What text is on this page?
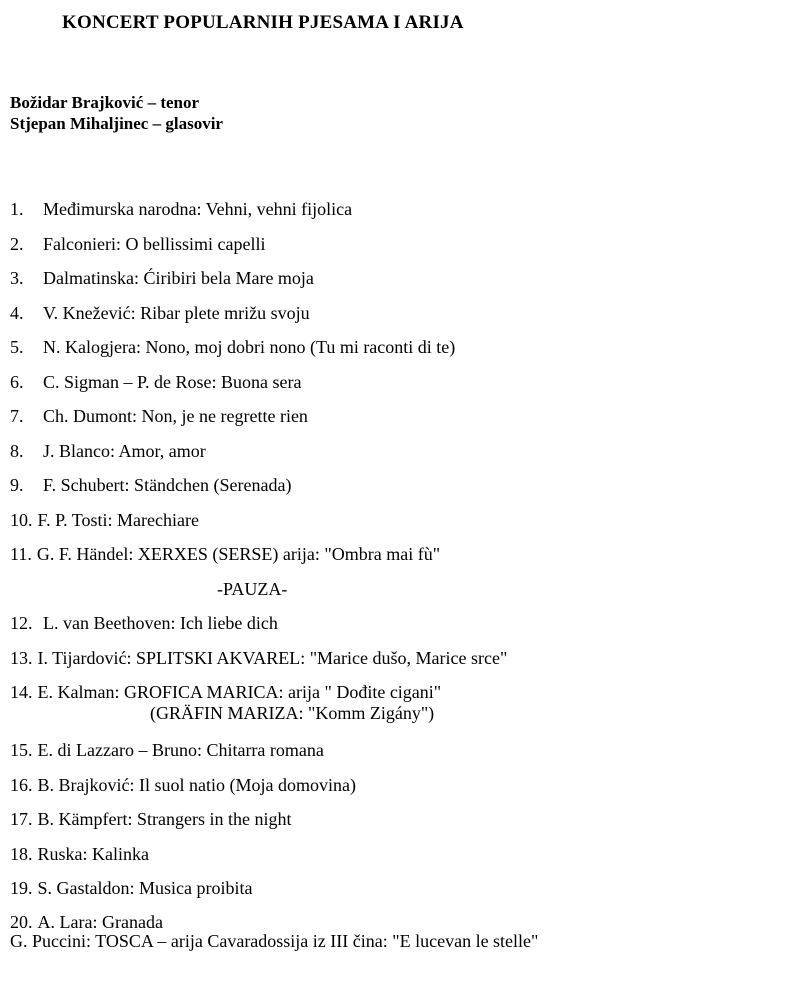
KONCERT POPULARNIH PJESAMA I ARIJA
Božidar Brajković – tenor
Stjepan Mihaljinec – glasovir
1. Međimurska narodna: Vehni, vehni fijolica
2. Falconieri: O bellissimi capelli
3. Dalmatinska: Ćiribiri bela Mare moja
4. V. Knežević: Ribar plete mrižu svoju
5. N. Kalogjera: Nono, moj dobri nono (Tu mi raconti di te)
6. C. Sigman – P. de Rose: Buona sera
7. Ch. Dumont: Non, je ne regrette rien
8. J. Blanco: Amor, amor
9. F. Schubert: Ständchen (Serenada)
10. F. P. Tosti: Marechiare
11. G. F. Händel: XERXES (SERSE) arija: "Ombra mai fù"
-PAUZA-
12. L. van Beethoven: Ich liebe dich
13. I. Tijardović: SPLITSKI AKVAREL: "Marice dušo, Marice srce"
14. E. Kalman: GROFICA MARICA: arija " Dođite cigani"
(GRÄFIN MARIZA: "Komm Zigány")
15. E. di Lazzaro – Bruno: Chitarra romana
16. B. Brajković: Il suol natio (Moja domovina)
17. B. Kämpfert: Strangers in the night
18. Ruska: Kalinka
19. S. Gastaldon: Musica proibita
20. A. Lara: Granada
G. Puccini: TOSCA – arija Cavaradossija iz III čina: "E lucevan le stelle"
